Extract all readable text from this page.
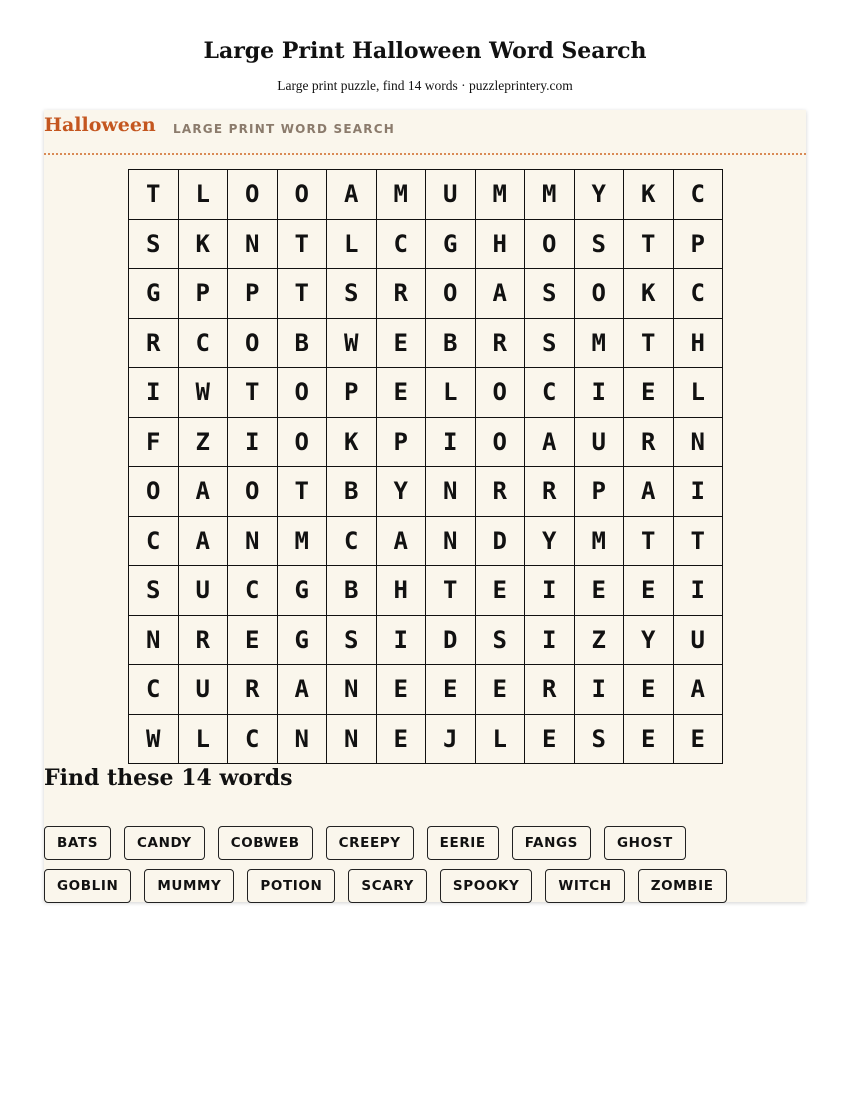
Large Print Halloween Word Search

Large print puzzle, find 14 words · puzzleprintery.com

Halloween LARGE PRINT WORD SEARCH
T	L	O	O	A	M	U	M	M	Y	K	C
S	K	N	T	L	C	G	H	O	S	T	P
G	P	P	T	S	R	O	A	S	O	K	C
R	C	O	B	W	E	B	R	S	M	T	H
I	W	T	O	P	E	L	O	C	I	E	L
F	Z	I	O	K	P	I	O	A	U	R	N
O	A	O	T	B	Y	N	R	R	P	A	I
C	A	N	M	C	A	N	D	Y	M	T	T
S	U	C	G	B	H	T	E	I	E	E	I
N	R	E	G	S	I	D	S	I	Z	Y	U
C	U	R	A	N	E	E	E	R	I	E	A
W	L	C	N	N	E	J	L	E	S	E	E
Find these 14 words
BATS	CANDY	COBWEB	CREEPY	EERIE	FANGS	GHOST
GOBLIN	MUMMY	POTION	SCARY	SPOOKY	WITCH	ZOMBIE
